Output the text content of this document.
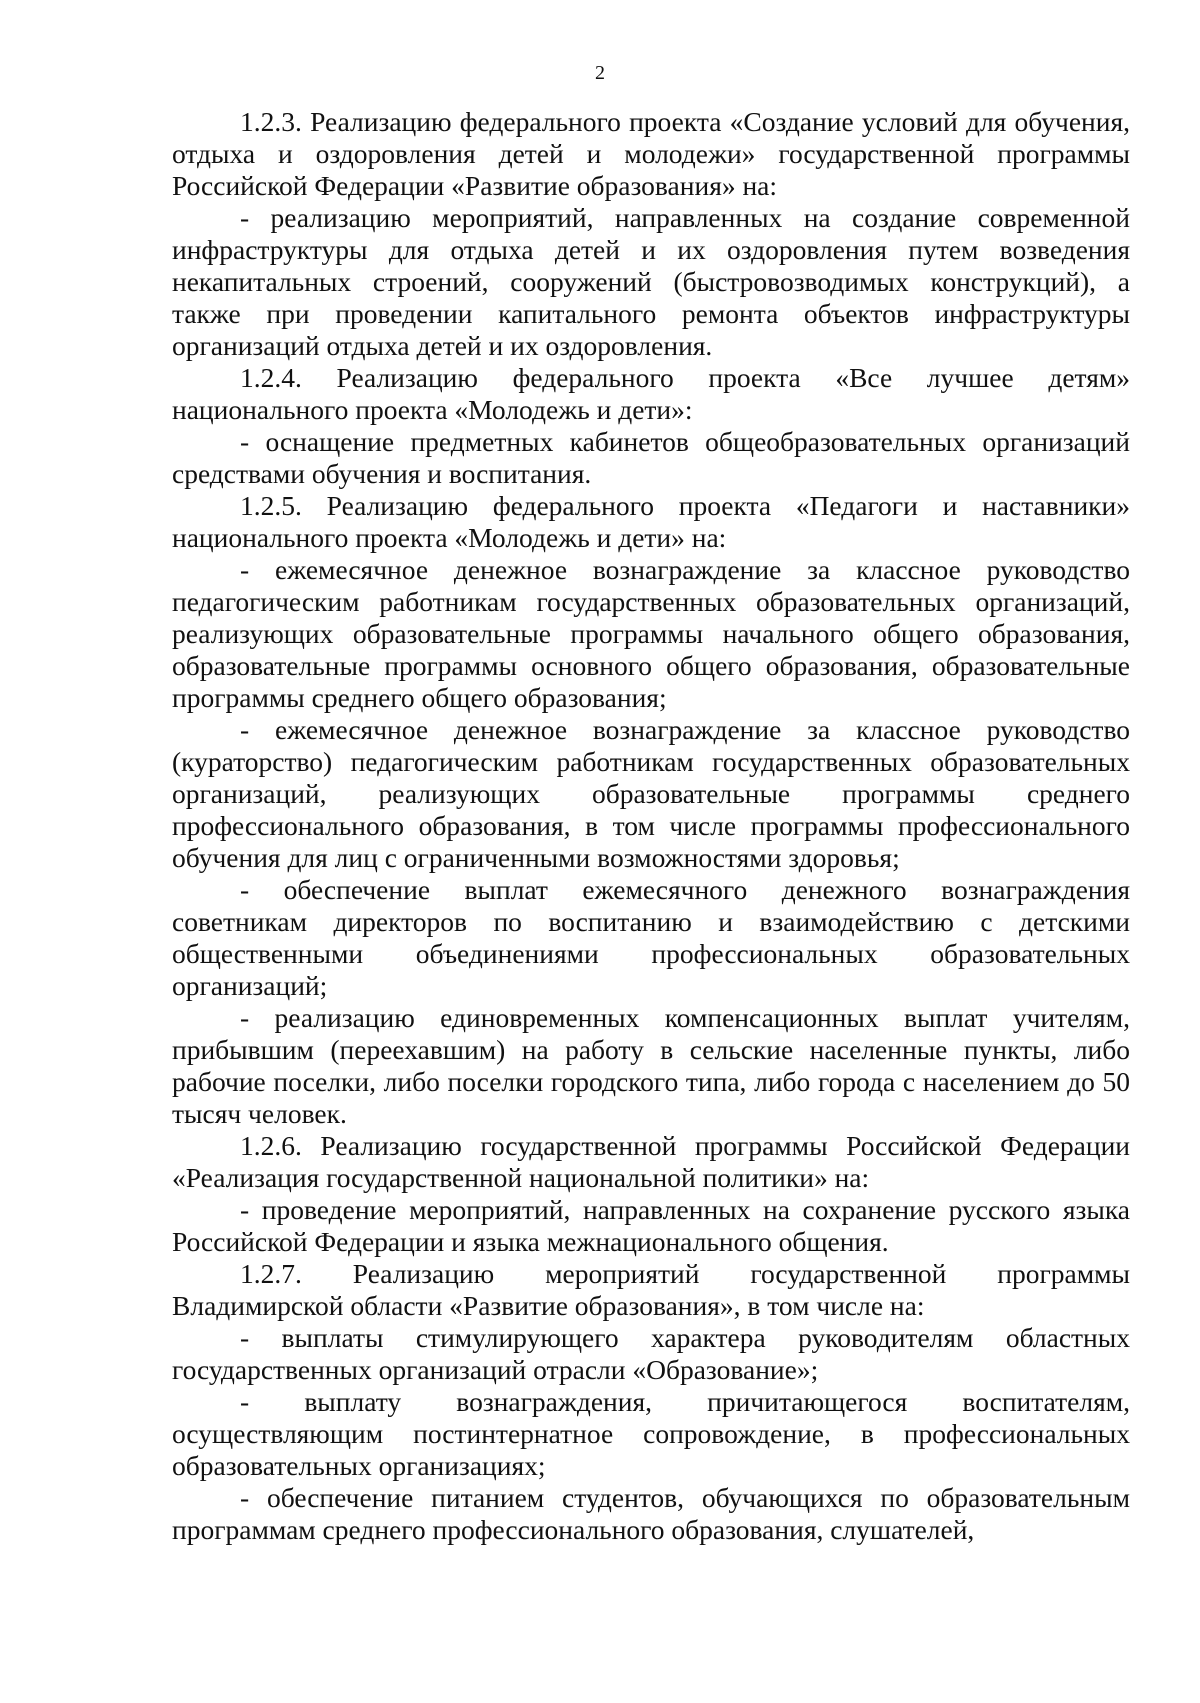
2

1.2.3. Реализацию федерального проекта «Создание условий для обучения, отдыха и оздоровления детей и молодежи» государственной программы Российской Федерации «Развитие образования» на:

- реализацию мероприятий, направленных на создание современной инфраструктуры для отдыха детей и их оздоровления путем возведения некапитальных строений, сооружений (быстровозводимых конструкций), а также при проведении капитального ремонта объектов инфраструктуры организаций отдыха детей и их оздоровления.

1.2.4. Реализацию федерального проекта «Все лучшее детям» национального проекта «Молодежь и дети»:

- оснащение предметных кабинетов общеобразовательных организаций средствами обучения и воспитания.

1.2.5. Реализацию федерального проекта «Педагоги и наставники» национального проекта «Молодежь и дети» на:

- ежемесячное денежное вознаграждение за классное руководство педагогическим работникам государственных образовательных организаций, реализующих образовательные программы начального общего образования, образовательные программы основного общего образования, образовательные программы среднего общего образования;

- ежемесячное денежное вознаграждение за классное руководство (кураторство) педагогическим работникам государственных образовательных организаций, реализующих образовательные программы среднего профессионального образования, в том числе программы профессионального обучения для лиц с ограниченными возможностями здоровья;

- обеспечение выплат ежемесячного денежного вознаграждения советникам директоров по воспитанию и взаимодействию с детскими общественными объединениями профессиональных образовательных организаций;

- реализацию единовременных компенсационных выплат учителям, прибывшим (переехавшим) на работу в сельские населенные пункты, либо рабочие поселки, либо поселки городского типа, либо города с населением до 50 тысяч человек.

1.2.6. Реализацию государственной программы Российской Федерации «Реализация государственной национальной политики» на:

- проведение мероприятий, направленных на сохранение русского языка Российской Федерации и языка межнационального общения.

1.2.7. Реализацию мероприятий государственной программы Владимирской области «Развитие образования», в том числе на:

- выплаты стимулирующего характера руководителям областных государственных организаций отрасли «Образование»;

- выплату вознаграждения, причитающегося воспитателям, осуществляющим постинтернатное сопровождение, в профессиональных образовательных организациях;

- обеспечение питанием студентов, обучающихся по образовательным программам среднего профессионального образования, слушателей,
